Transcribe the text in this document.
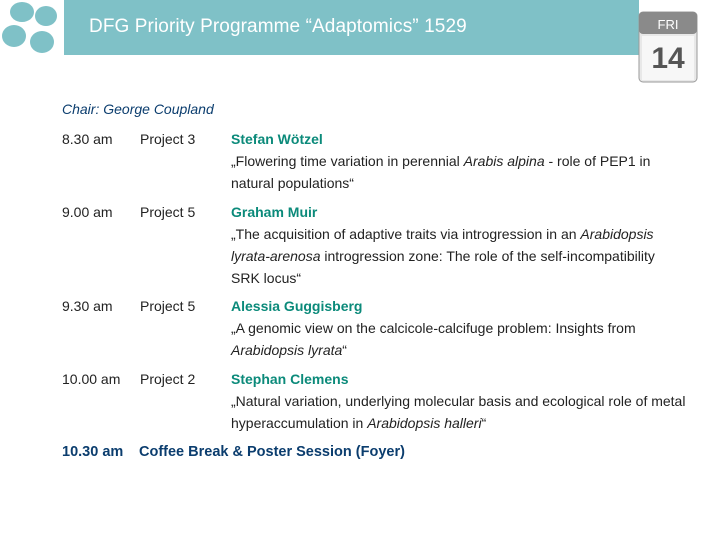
DFG Priority Programme “Adaptomics” 1529	FRI
14
Chair: George Coupland
8.30 am Project 3	Stefan Wötzel
„Flowering time variation in perennial Arabis alpina - role of PEP1 in natural populations“
9.00 am Project 5	Graham Muir
„The acquisition of adaptive traits via introgression in an Arabidopsis lyrata-arenosa introgression zone: The role of the self-incompatibility SRK locus“
9.30 am Project 5	Alessia Guggisberg
„A genomic view on the calcicole-calcifuge problem: Insights from Arabidopsis lyrata“
10.00 am Project 2	Stephan Clemens
„Natural variation, underlying molecular basis and ecological role of metal hyperaccumulation in Arabidopsis halleri“
10.30 am Coffee Break & Poster Session (Foyer)
